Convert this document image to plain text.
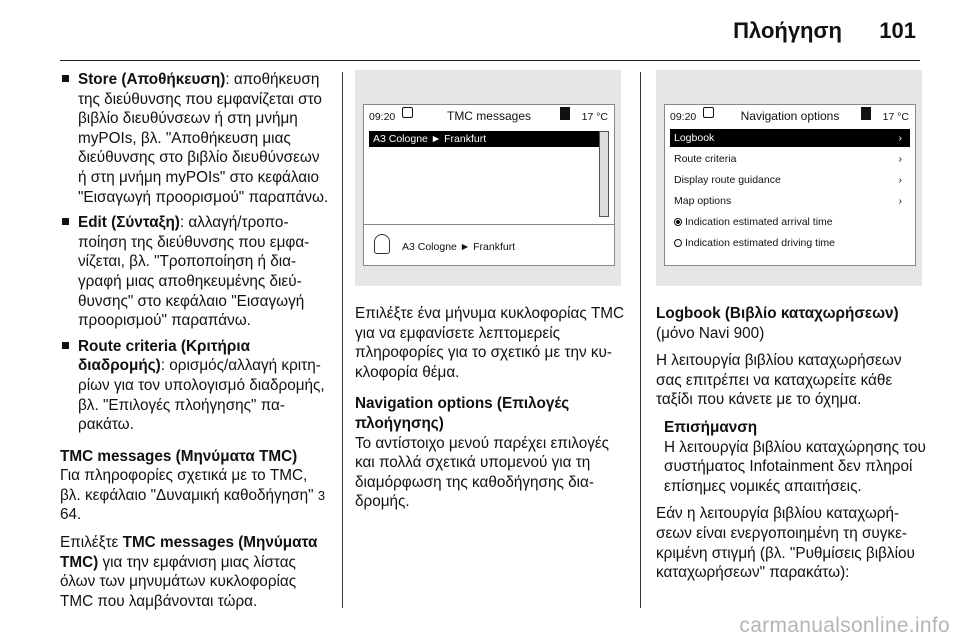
Πλοήγηση 101
Store (Αποθήκευση): αποθήκευση της διεύθυνσης που εμφανίζεται στο βιβλίο διευθύνσεων ή στη μνήμη myPOIs, βλ. "Αποθήκευση μιας διεύθυνσης στο βιβλίο διευθύνσεων ή στη μνήμη myPOIs" στο κεφάλαιο "Εισαγωγή προορισμού" παραπάνω.
Edit (Σύνταξη): αλλαγή/τροποποίηση της διεύθυνσης που εμφανίζεται, βλ. "Τροποποίηση ή διαγραφή μιας αποθηκευμένης διεύθυνσης" στο κεφάλαιο "Εισαγωγή προορισμού" παραπάνω.
Route criteria (Κριτήρια διαδρομής): ορισμός/αλλαγή κριτηρίων για τον υπολογισμό διαδρομής, βλ. "Επιλογές πλοήγησης" παρακάτω.
TMC messages (Μηνύματα TMC)

Για πληροφορίες σχετικά με το TMC, βλ. κεφάλαιο "Δυναμική καθοδήγηση" 3 64.

Επιλέξτε TMC messages (Μηνύματα TMC) για την εμφάνιση μιας λίστας όλων των μηνυμάτων κυκλοφορίας TMC που λαμβάνονται τώρα.

09:20	TMC messages	17 °C
A3 Cologne ► Frankfurt
A3 Cologne ► Frankfurt

Επιλέξτε ένα μήνυμα κυκλοφορίας TMC για να εμφανίσετε λεπτομερείς πληροφορίες για το σχετικό με την κυκλοφορία θέμα.

Navigation options (Επιλογές πλοήγησης)

Το αντίστοιχο μενού παρέχει επιλογές και πολλά σχετικά υπομενού για τη διαμόρφωση της καθοδήγησης διαδρομής.

09:20	Navigation options	17 °C
Logbook	›
Route criteria	›
Display route guidance	›
Map options	›
Indication estimated arrival time
Indication estimated driving time
Logbook (Βιβλίο καταχωρήσεων)

(μόνο Navi 900)

Η λειτουργία βιβλίου καταχωρήσεων σας επιτρέπει να καταχωρείτε κάθε ταξίδι που κάνετε με το όχημα.

Επισήμανση
Η λειτουργία βιβλίου καταχώρησης του συστήματος Infotainment δεν πληροί επίσημες νομικές απαιτήσεις.

Εάν η λειτουργία βιβλίου καταχωρήσεων είναι ενεργοποιημένη τη συγκεκριμένη στιγμή (βλ. "Ρυθμίσεις βιβλίου καταχωρήσεων" παρακάτω):

carmanualsonline.info
